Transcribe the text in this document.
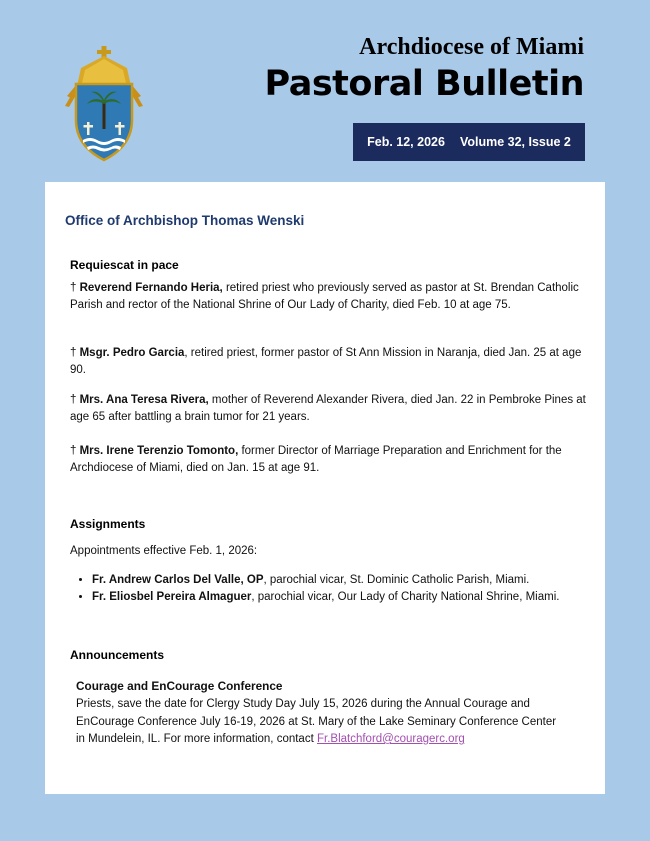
Archdiocese of Miami
Pastoral Bulletin
Feb. 12, 2026 Volume 32, Issue 2
Office of Archbishop Thomas Wenski
Requiescat in pace
† Reverend Fernando Heria, retired priest who previously served as pastor at St. Brendan Catholic Parish and rector of the National Shrine of Our Lady of Charity, died Feb. 10 at age 75.
† Msgr. Pedro Garcia, retired priest, former pastor of St Ann Mission in Naranja, died Jan. 25 at age 90.
† Mrs. Ana Teresa Rivera, mother of Reverend Alexander Rivera, died Jan. 22 in Pembroke Pines at age 65 after battling a brain tumor for 21 years.
† Mrs. Irene Terenzio Tomonto, former Director of Marriage Preparation and Enrichment for the Archdiocese of Miami, died on Jan. 15 at age 91.
Assignments
Appointments effective Feb. 1, 2026:
• Fr. Andrew Carlos Del Valle, OP, parochial vicar, St. Dominic Catholic Parish, Miami.
• Fr. Eliosbel Pereira Almaguer, parochial vicar, Our Lady of Charity National Shrine, Miami.
Announcements
Courage and EnCourage Conference
Priests, save the date for Clergy Study Day July 15, 2026 during the Annual Courage and EnCourage Conference July 16-19, 2026 at St. Mary of the Lake Seminary Conference Center in Mundelein, IL. For more information, contact Fr.Blatchford@couragerc.org
